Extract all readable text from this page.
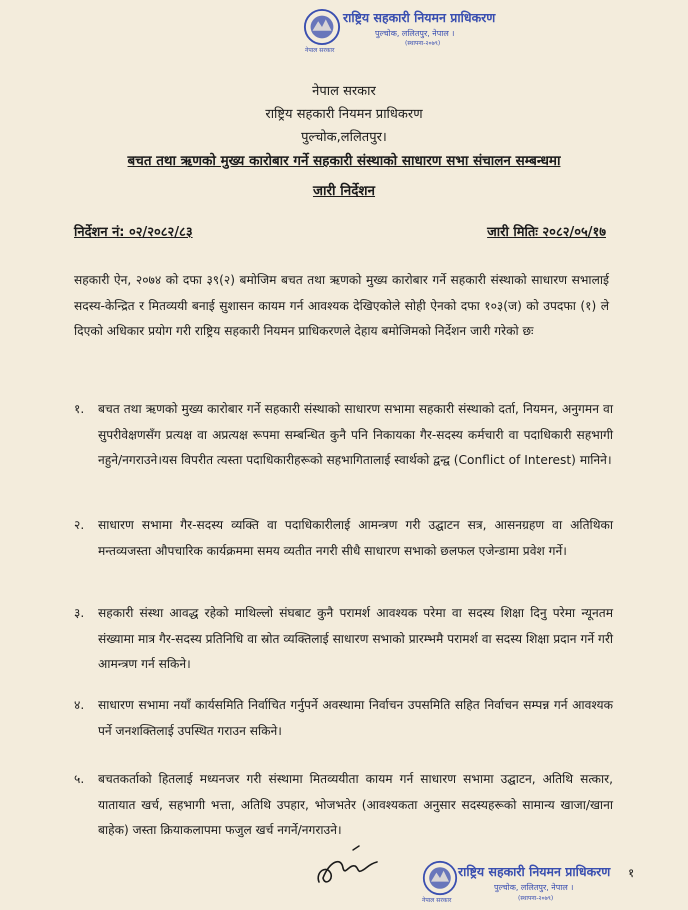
राष्ट्रिय सहकारी नियमन प्राधिकरण
पुल्चोक, ललितपुर, नेपाल ।
(स्थापना-२०७९)
नेपाल सरकार
नेपाल सरकार
राष्ट्रिय सहकारी नियमन प्राधिकरण
पुल्चोक,ललितपुर।
बचत तथा ऋणको मुख्य कारोबार गर्ने सहकारी संस्थाको साधारण सभा संचालन सम्बन्धमा
जारी निर्देशन
निर्देशन नं: ०२/२०८२/८३	जारी मितिः २०८२/०५/१७
सहकारी ऐन, २०७४ को दफा ३९(२) बमोजिम बचत तथा ऋणको मुख्य कारोबार गर्ने सहकारी संस्थाको साधारण सभालाई सदस्य-केन्द्रित र मितव्ययी बनाई सुशासन कायम गर्न आवश्यक देखिएकोले सोही ऐनको दफा १०३(ज) को उपदफा (१) ले दिएको अधिकार प्रयोग गरी राष्ट्रिय सहकारी नियमन प्राधिकरणले देहाय बमोजिमको निर्देशन जारी गरेको छः
१.	बचत तथा ऋणको मुख्य कारोबार गर्ने सहकारी संस्थाको साधारण सभामा सहकारी संस्थाको दर्ता, नियमन, अनुगमन वा सुपरीवेक्षणसँग प्रत्यक्ष वा अप्रत्यक्ष रूपमा सम्बन्धित कुनै पनि निकायका गैर-सदस्य कर्मचारी वा पदाधिकारी सहभागी नहुने/नगराउने।यस विपरीत त्यस्ता पदाधिकारीहरूको सहभागितालाई स्वार्थको द्वन्द्व (Conflict of Interest) मानिने।
२.	साधारण सभामा गैर-सदस्य व्यक्ति वा पदाधिकारीलाई आमन्त्रण गरी उद्घाटन सत्र, आसनग्रहण वा अतिथिका मन्तव्यजस्ता औपचारिक कार्यक्रममा समय व्यतीत नगरी सीधै साधारण सभाको छलफल एजेन्डामा प्रवेश गर्ने।
३.	सहकारी संस्था आवद्ध रहेको माथिल्लो संघबाट कुनै परामर्श आवश्यक परेमा वा सदस्य शिक्षा दिनु परेमा न्यूनतम संख्यामा मात्र गैर-सदस्य प्रतिनिधि वा स्रोत व्यक्तिलाई साधारण सभाको प्रारम्भमै परामर्श वा सदस्य शिक्षा प्रदान गर्ने गरी आमन्त्रण गर्न सकिने।
४.	साधारण सभामा नयाँ कार्यसमिति निर्वाचित गर्नुपर्ने अवस्थामा निर्वाचन उपसमिति सहित निर्वाचन सम्पन्न गर्न आवश्यक पर्ने जनशक्तिलाई उपस्थित गराउन सकिने।
५.	बचतकर्ताको हितलाई मध्यनजर गरी संस्थामा मितव्ययीता कायम गर्न साधारण सभामा उद्घाटन, अतिथि सत्कार, यातायात खर्च, सहभागी भत्ता, अतिथि उपहार, भोजभतेर (आवश्यकता अनुसार सदस्यहरूको सामान्य खाजा/खाना बाहेक) जस्ता क्रियाकलापमा फजुल खर्च नगर्ने/नगराउने।
राष्ट्रिय सहकारी नियमन प्राधिकरण
पुल्चोक, ललितपुर, नेपाल ।
(स्थापना-२०७९)
नेपाल सरकार
१
